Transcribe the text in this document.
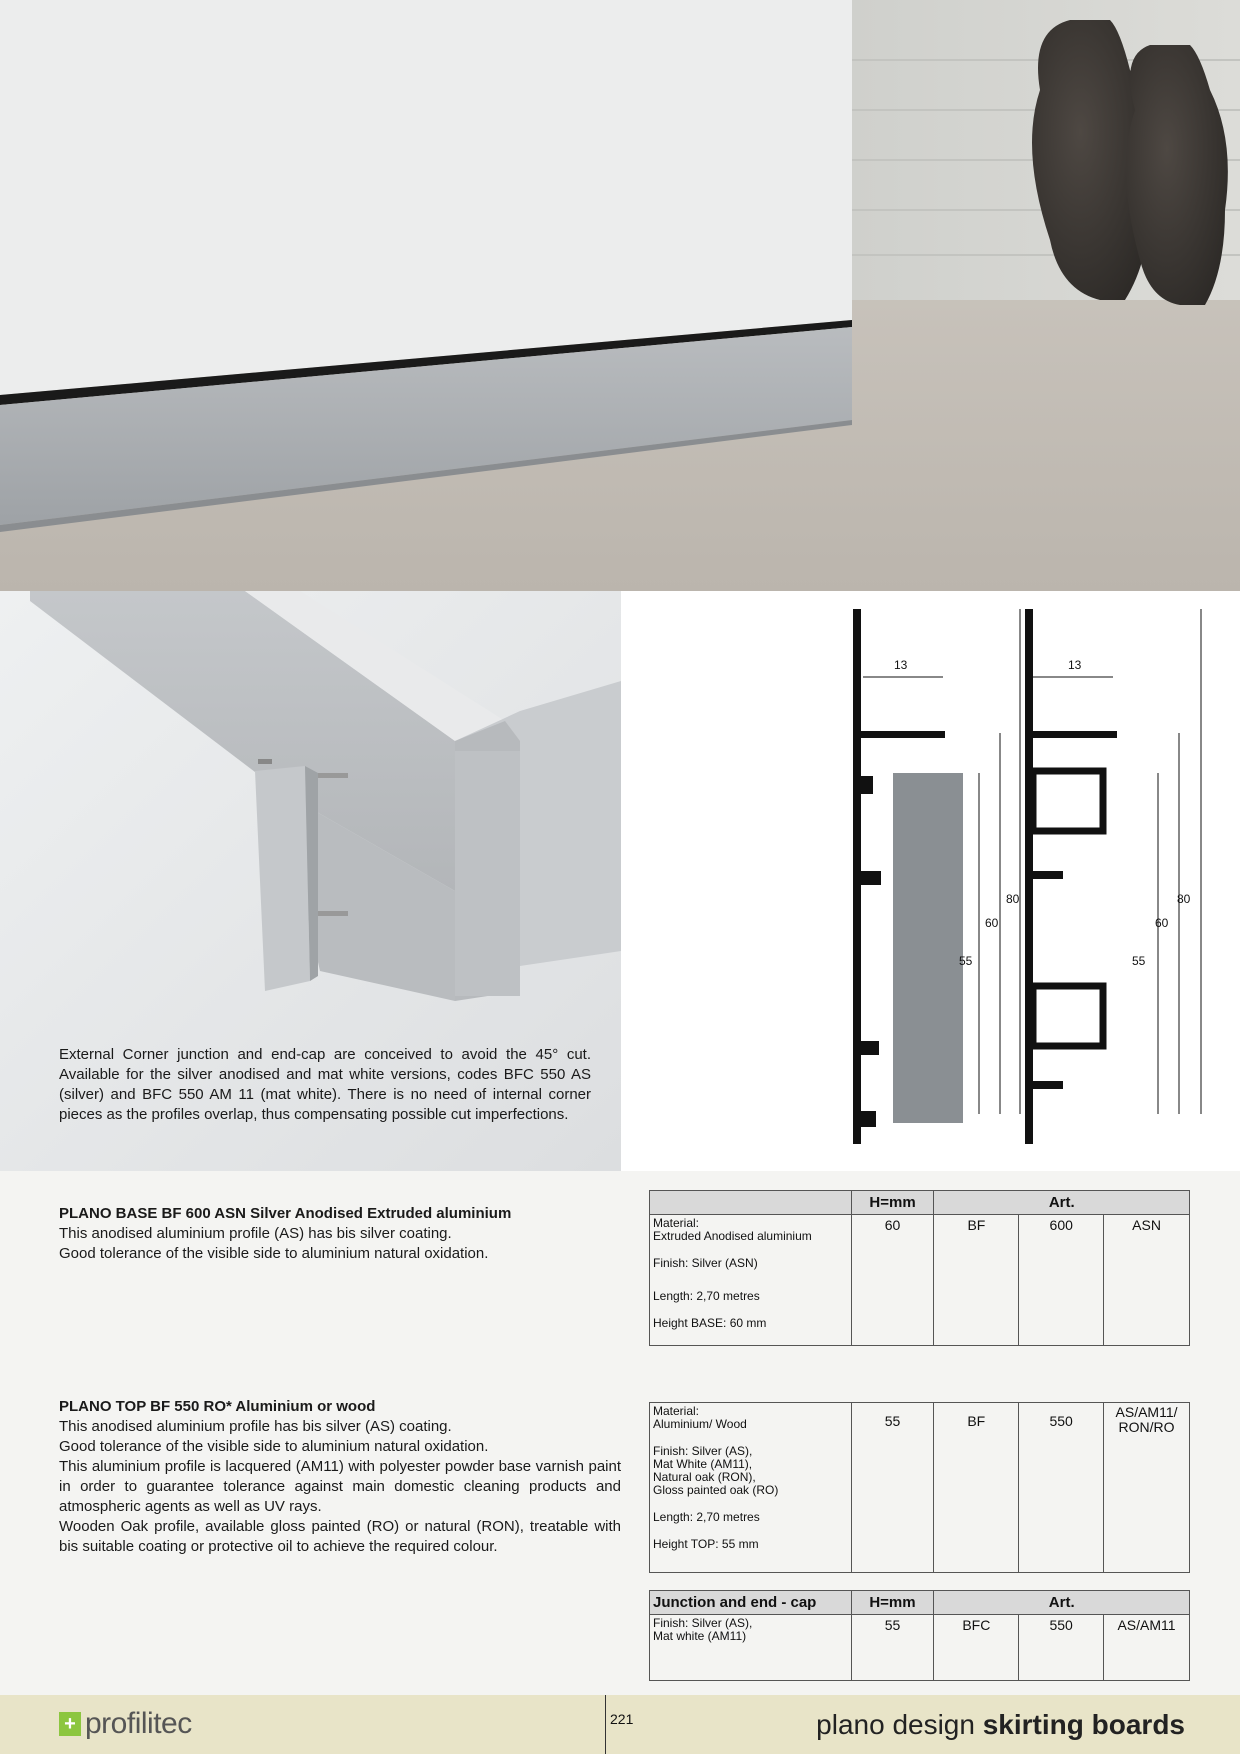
External Corner junction and end-cap are conceived to avoid the 45° cut. Available for the silver anodised and mat white versions, codes BFC 550 AS (silver) and BFC 550 AM 11 (mat white). There is no need of internal corner pieces as the profiles overlap, thus compensating possible cut imperfections.
13	13
80
60
55
80
60
55

PLANO BASE BF 600 ASN Silver Anodised Extruded aluminium

This anodised aluminium profile (AS) has bis silver coating.

Good tolerance of the visible side to aluminium natural oxidation.

	H=mm	Art.		

Material:
Extruded Anodised aluminium
Finish: Silver (ASN)
Length: 2,70 metres
Height BASE: 60 mm	60	BF	600	ASN

PLANO TOP BF 550 RO* Aluminium or wood

This anodised aluminium profile has bis silver (AS) coating.

Good tolerance of the visible side to aluminium natural oxidation.

This aluminium profile is lacquered (AM11) with polyester powder base varnish paint in order to guarantee tolerance against main domestic cleaning products and atmospheric agents as well as UV rays.

Wooden Oak profile, available gloss painted (RO) or natural (RON), treatable with bis suitable coating or protective oil to achieve the required colour.

Material:
Aluminium/ Wood
Finish: Silver (AS),
Mat White (AM11),
Natural oak (RON),
Gloss painted oak (RO)
Length: 2,70 metres
Height TOP: 55 mm
	55	BF	550	AS/AM11/
RON/RO
Junction and end - cap	H=mm	Art.		
Finish: Silver (AS),
Mat white (AM11)	55	BFC	550	AS/AM11
+ profilitec	221	plano design skirting boards
